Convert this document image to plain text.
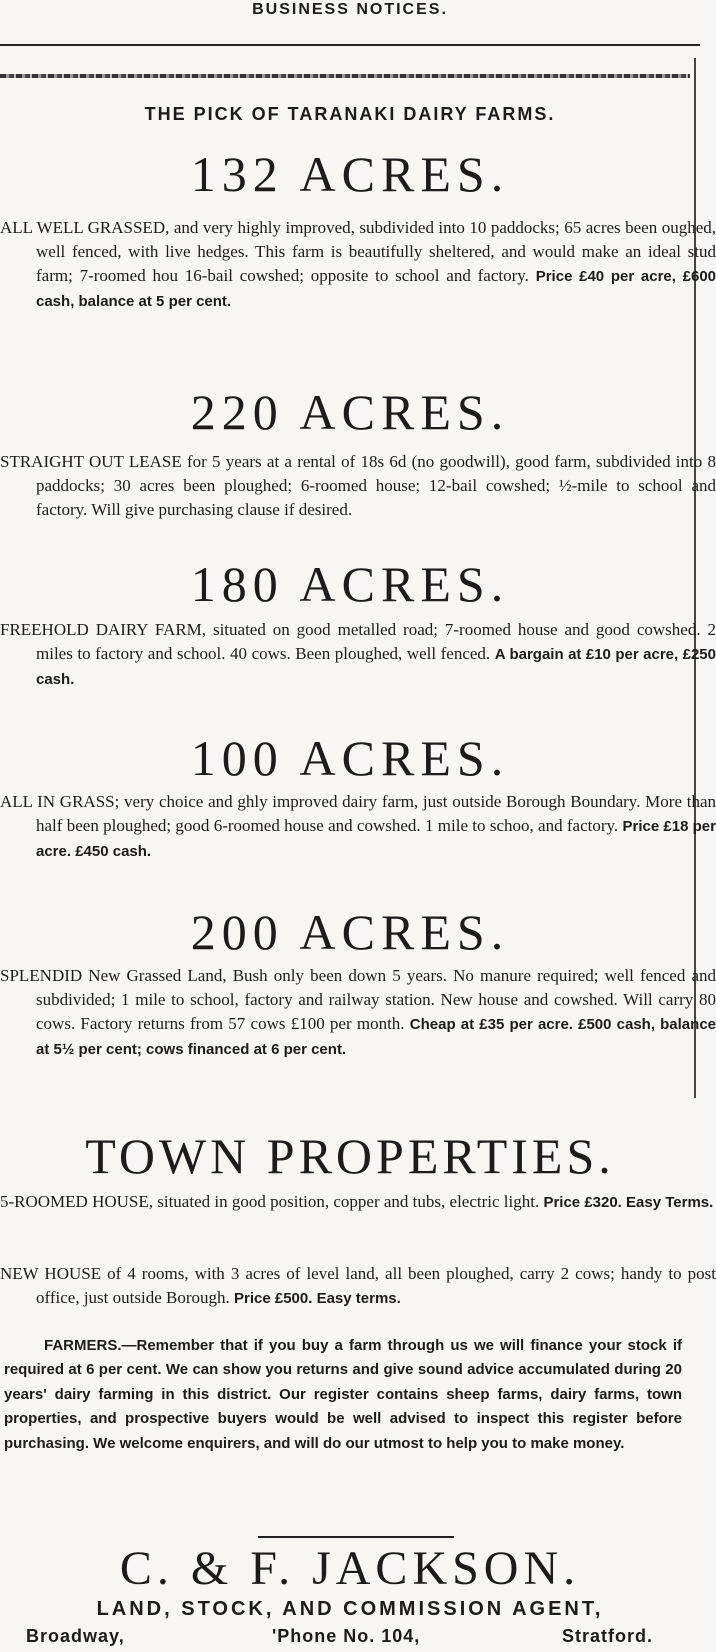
BUSINESS NOTICES.
THE PICK OF TARANAKI DAIRY FARMS.
132 ACRES.
ALL WELL GRASSED, and very highly improved, subdivided into 10 paddocks; 65 acres been oughed, well fenced, with live hedges. This farm is beautifully sheltered, and would make an ideal stud farm; 7-roomed hou 16-bail cowshed; opposite to school and factory. Price £40 per acre, £600 cash, balance at 5 per cent.
220 ACRES.
STRAIGHT OUT LEASE for 5 years at a rental of 18s 6d (no goodwill), good farm, subdivided into 8 paddocks; 30 acres been ploughed; 6-roomed house; 12-bail cowshed; ½-mile to school and factory. Will give purchasing clause if desired.
180 ACRES.
FREEHOLD DAIRY FARM, situated on good metalled road; 7-roomed house and good cowshed. 2 miles to factory and school. 40 cows. Been ploughed, well fenced. A bargain at £10 per acre, £250 cash.
100 ACRES.
ALL IN GRASS; very choice and ghly improved dairy farm, just outside Borough Boundary. More than half been ploughed; good 6-roomed house and cowshed. 1 mile to schoo, and factory. Price £18 per acre. £450 cash.
200 ACRES.
SPLENDID New Grassed Land, Bush only been down 5 years. No manure required; well fenced and subdivided; 1 mile to school, factory and railway station. New house and cowshed. Will carry 80 cows. Factory returns from 57 cows £100 per month. Cheap at £35 per acre. £500 cash, balance at 5½ per cent; cows financed at 6 per cent.
TOWN PROPERTIES.
5-ROOMED HOUSE, situated in good position, copper and tubs, electric light. Price £320. Easy Terms.
NEW HOUSE of 4 rooms, with 3 acres of level land, all been ploughed, carry 2 cows; handy to post office, just outside Borough. Price £500. Easy terms.
FARMERS.—Remember that if you buy a farm through us we will finance your stock if required at 6 per cent. We can show you returns and give sound advice accumulated during 20 years' dairy farming in this district. Our register contains sheep farms, dairy farms, town properties, and prospective buyers would be well advised to inspect this register before purchasing. We welcome enquirers, and will do our utmost to help you to make money.
C. & F. JACKSON.
LAND, STOCK, AND COMMISSION AGENT,
Broadway,	'Phone No. 104,	Stratford.
